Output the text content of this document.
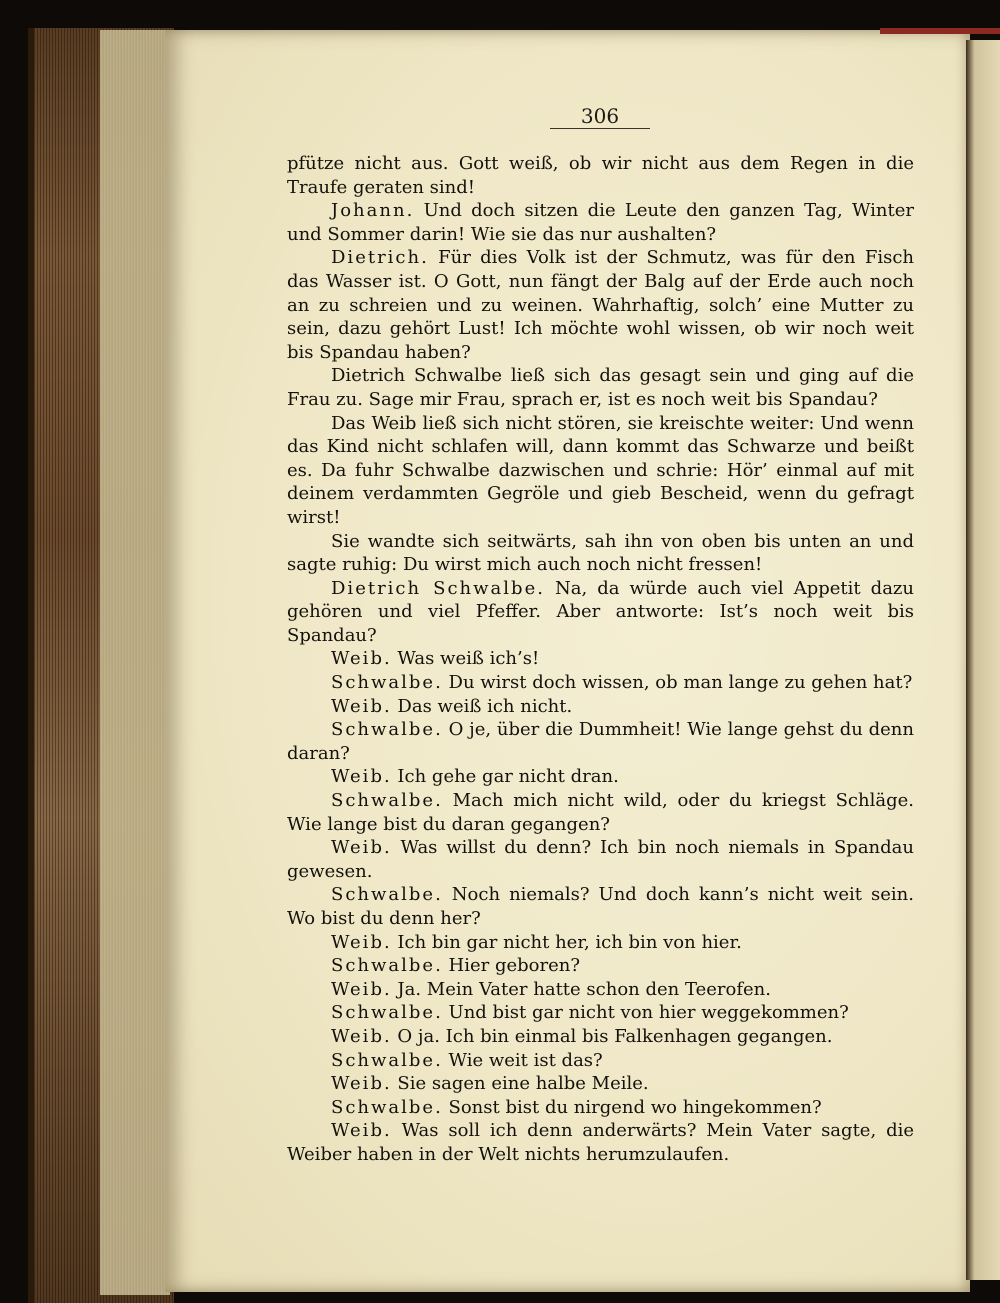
306

pfütze nicht aus. Gott weiß, ob wir nicht aus dem Regen in die Traufe geraten sind!

Johann. Und doch sitzen die Leute den ganzen Tag, Winter und Sommer darin! Wie sie das nur aushalten?

Dietrich. Für dies Volk ist der Schmutz, was für den Fisch das Wasser ist. O Gott, nun fängt der Balg auf der Erde auch noch an zu schreien und zu weinen. Wahrhaftig, solch’ eine Mutter zu sein, dazu gehört Lust! Ich möchte wohl wissen, ob wir noch weit bis Spandau haben?

Dietrich Schwalbe ließ sich das gesagt sein und ging auf die Frau zu. Sage mir Frau, sprach er, ist es noch weit bis Spandau?

Das Weib ließ sich nicht stören, sie kreischte weiter: Und wenn das Kind nicht schlafen will, dann kommt das Schwarze und beißt es. Da fuhr Schwalbe dazwischen und schrie: Hör’ einmal auf mit deinem verdammten Gegröle und gieb Bescheid, wenn du gefragt wirst!

Sie wandte sich seitwärts, sah ihn von oben bis unten an und sagte ruhig: Du wirst mich auch noch nicht fressen!

Dietrich Schwalbe. Na, da würde auch viel Appetit dazu gehören und viel Pfeffer. Aber antworte: Ist’s noch weit bis Spandau?

Weib. Was weiß ich’s!

Schwalbe. Du wirst doch wissen, ob man lange zu gehen hat?

Weib. Das weiß ich nicht.

Schwalbe. O je, über die Dummheit! Wie lange gehst du denn daran?

Weib. Ich gehe gar nicht dran.

Schwalbe. Mach mich nicht wild, oder du kriegst Schläge. Wie lange bist du daran gegangen?

Weib. Was willst du denn? Ich bin noch niemals in Spandau gewesen.

Schwalbe. Noch niemals? Und doch kann’s nicht weit sein. Wo bist du denn her?

Weib. Ich bin gar nicht her, ich bin von hier.

Schwalbe. Hier geboren?

Weib. Ja. Mein Vater hatte schon den Teerofen.

Schwalbe. Und bist gar nicht von hier weggekommen?

Weib. O ja. Ich bin einmal bis Falkenhagen gegangen.

Schwalbe. Wie weit ist das?

Weib. Sie sagen eine halbe Meile.

Schwalbe. Sonst bist du nirgend wo hingekommen?

Weib. Was soll ich denn anderwärts? Mein Vater sagte, die Weiber haben in der Welt nichts herumzulaufen.
